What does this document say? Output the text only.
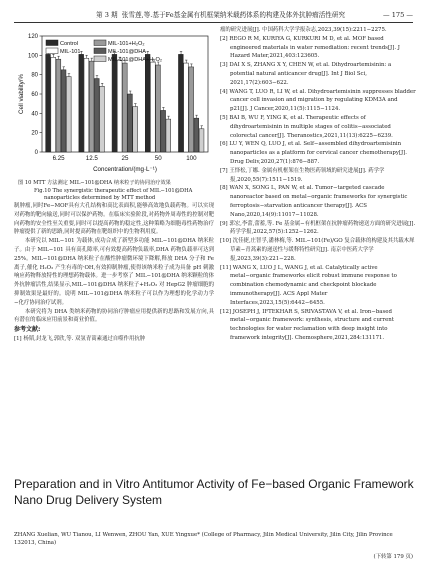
第 3 期 张雪莲,等.基于Fe基金属有机框架纳米载药体系的构建及体外抗肿瘤活性研究	— 175 —
0
20
40
60
80
100
120
Cell viability/%
6.25	12.5	25	50	100
Concentration/(mg·L⁻¹)
Control
MIL-101
MIL-101+H₂O₂
MIL-101@DHA
MIL-101@DHA+H₂O₂
图 10 MTT 方法测定 MIL−101@DHA 纳米粒子的协同治疗效果

Fig.10 The synergistic therapeutic effect of MIL−101@DHA
nanoparticles determined by MTT method

制肿瘤,同时Fe−MOF具有大孔结构和高比表面积,能够高效地负载药物。可以实现对药物的靶向输送,同时可以保护药物。在临床实验阶段,对药物外周毒性的控制对靶向药物的安全性至关重要,同时可以提高药物的稳定性,这种策略为细胞毒性药物治疗肿瘤提供了新的思路,同时提高药物在靶组织中的生物利用度。

本研究以 MIL−101 为载体,成功合成了新型多功能 MIL−101@DHA 纳米粒子。由于 MIL−101 具有高孔隙率,可有效提高药物负载率,DHA 药物负载率可达到 25%。MIL−101@DHA 纳米粒子在酸性肿瘤微环境下降解,释放 DHA 分子和 Fe 离子,催化 H₂O₂ 产生有毒的·OH,有效抑制肿瘤,使得该纳米粒子成为具备 pH 刺激响应药物释放特性的理想药物载体。进一步考察了 MIL−101@DHA 纳米颗粒的体外抗肿瘤活性,结果显示,MIL−101@DHA 纳米粒子+H₂O₂ 对 HepG2 肿瘤细胞的抑制效果是最好的。说明 MIL−101@DHA 纳米粒子可以作为理想的化学动力学−化疗协同治疗试剂。

本研究将为 DHA 类纳米药物的协同治疗肿瘤应用提供新的思路和发展方向,具有潜在的临床应用前景和商业价值。

参考文献:
[1] 杨韬,封龙飞,郭欣,等. 双氢青蒿素通过自噬作用抗肿
瘤的研究进展[J]. 中国药科大学学报杂志,2023,39(15):2211−2275.
[2] REGO R M, KURIYA G, KURKURI M D, et al. MOF based engineered materials in water remediation: recent trends[J]. J Hazard Mater,2021,403:123605.
[3] DAI X S, ZHANG X Y, CHEN W, et al. Dihydroartemisinin: a potential natural anticancer drug[J]. Int J Biol Sci, 2021,17(2):603−622.
[4] WANG T, LUO R, LI W, et al. Dihydroartemisinin suppresses bladder cancer cell invasion and migration by regulating KDM3A and p21[J]. J Cancer,2020,11(5):1115−1124.
[5] BAI B, WU F, YING K, et al. Therapeutic effects of dihydroartemisinin in multiple stages of colitis−associated colorectal cancer[J]. Theranostics,2021,11(13):6225−6239.
[6] LU Y, WEN Q, LUO J, et al. Self−assembled dihydroartemisinin nanoparticles as a platform for cervical cancer chemotherapy[J]. Drug Deliv,2020,27(1):876−887.
[7] 王怿松,丁娜. 金属有机框架在生物医药领域的研究进展[J]. 药学学报,2020,55(7):1511−1519.
[8] WAN X, SONG L, PAN W, et al. Tumor−targeted cascade nanoreactor based on metal−organic frameworks for synergistic ferroptosis−starvation anticancer therapy[J]. ACS Nano,2020,14(9):11017−11028.
[9] 郭宏,李蕾,蕾蓄,等. Fe 基金属−有机框架在抗肿瘤药物递送方面的研究进展[J]. 药学学报,2022,57(5):1252−1262.
[10] 沈佳捷,庄智孚,潘林梅,等. MIL−101(Fe)/GO 复合载体的构建及其共载木犀草素−青蒿素的递送性与缓释特性研究[J]. 南京中医药大学学报,2023,39(3):221−228.
[11] WANG X, LUO J L, WANG J, et al. Catalytically active metal−organic frameworks elicit robust immune response to combination chemodynamic and checkpoint blockade immunotherapy[J]. ACS Appl Mater Interfaces,2023,15(5):6442−6455.
[12] JOSEPH J, IFTEKHAR S, SRIVASTAVA V, et al. Iron−based metal−organic framework: synthesis, structure and current technologies for water reclamation with deep insight into framework integrity[J]. Chemosphere,2021,284:131171.
Preparation and in Vitro Antitumor Activity of Fe−based Organic Framework Nano Drug Delivery System
ZHANG Xuelian, WU Tianou, LI Wenwen, ZHOU Yan, XUE Yingxue* (College of Pharmacy, Jilin Medical University, Jilin City, Jilin Province 132013, China)
(下转第 179 页)
